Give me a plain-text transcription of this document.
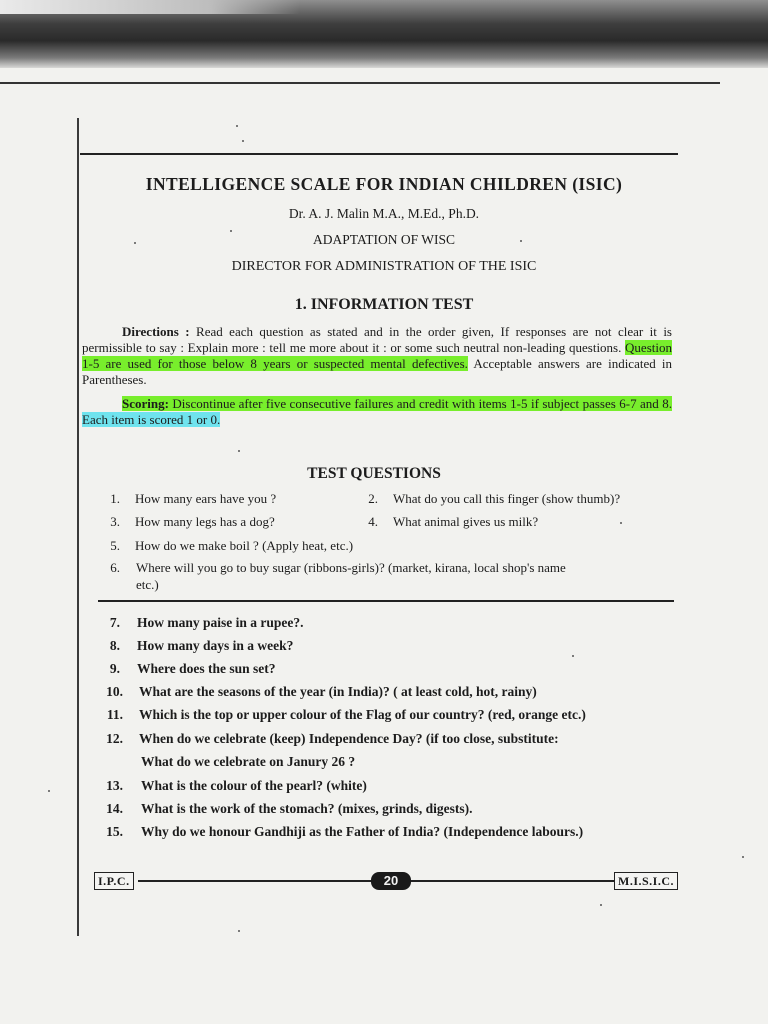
INTELLIGENCE SCALE FOR INDIAN CHILDREN (ISIC)
Dr. A. J. Malin M.A., M.Ed., Ph.D.
ADAPTATION OF WISC
DIRECTOR FOR ADMINISTRATION OF THE ISIC
1. INFORMATION TEST
Directions : Read each question as stated and in the order given, If responses are not clear it is permissible to say : Explain more : tell me more about it : or some such neutral non-leading questions. Question 1-5 are used for those below 8 years or suspected mental defectives. Acceptable answers are indicated in Parentheses.
Scoring: Discontinue after five consecutive failures and credit with items 1-5 if subject passes 6-7 and 8. Each item is scored 1 or 0.
TEST QUESTIONS
1. How many ears have you ?	2. What do you call this finger (show thumb)?
3. How many legs has a dog?	4. What animal gives us milk?
5. How do we make boil ? (Apply heat, etc.)
6. Where will you go to buy sugar (ribbons-girls)? (market, kirana, local shop's name
etc.)
7. How many paise in a rupee?.
8. How many days in a week?
9. Where does the sun set?
10. What are the seasons of the year (in India)? ( at least cold, hot, rainy)
11. Which is the top or upper colour of the Flag of our country? (red, orange etc.)
12. When do we celebrate (keep) Independence Day? (if too close, substitute:
What do we celebrate on Janury 26 ?
13. What is the colour of the pearl? (white)
14. What is the work of the stomach? (mixes, grinds, digests).
15. Why do we honour Gandhiji as the Father of India? (Independence labours.)
I.P.C.	20	M.I.S.I.C.
